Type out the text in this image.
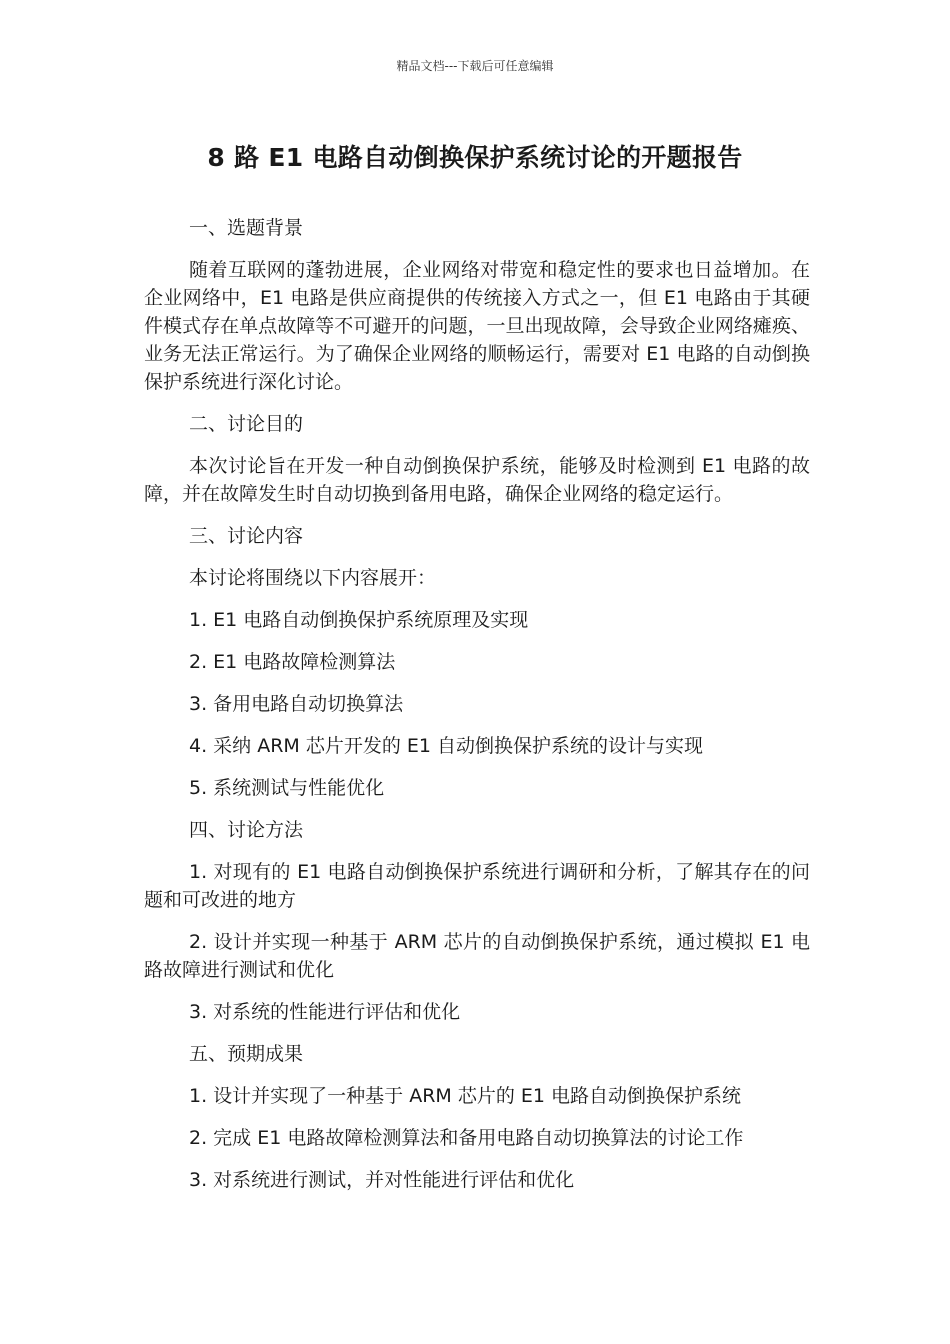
精品文档---下载后可任意编辑
8 路 E1 电路自动倒换保护系统讨论的开题报告

一、选题背景

随着互联网的蓬勃进展，企业网络对带宽和稳定性的要求也日益增加。在企业网络中，E1 电路是供应商提供的传统接入方式之一，但 E1 电路由于其硬件模式存在单点故障等不可避开的问题，一旦出现故障，会导致企业网络瘫痪、业务无法正常运行。为了确保企业网络的顺畅运行，需要对 E1 电路的自动倒换保护系统进行深化讨论。

二、讨论目的

本次讨论旨在开发一种自动倒换保护系统，能够及时检测到 E1 电路的故障，并在故障发生时自动切换到备用电路，确保企业网络的稳定运行。

三、讨论内容

本讨论将围绕以下内容展开：

1. E1 电路自动倒换保护系统原理及实现

2. E1 电路故障检测算法

3. 备用电路自动切换算法

4. 采纳 ARM 芯片开发的 E1 自动倒换保护系统的设计与实现

5. 系统测试与性能优化

四、讨论方法

1. 对现有的 E1 电路自动倒换保护系统进行调研和分析，了解其存在的问题和可改进的地方

2. 设计并实现一种基于 ARM 芯片的自动倒换保护系统，通过模拟 E1 电路故障进行测试和优化

3. 对系统的性能进行评估和优化

五、预期成果

1. 设计并实现了一种基于 ARM 芯片的 E1 电路自动倒换保护系统

2. 完成 E1 电路故障检测算法和备用电路自动切换算法的讨论工作

3. 对系统进行测试，并对性能进行评估和优化
